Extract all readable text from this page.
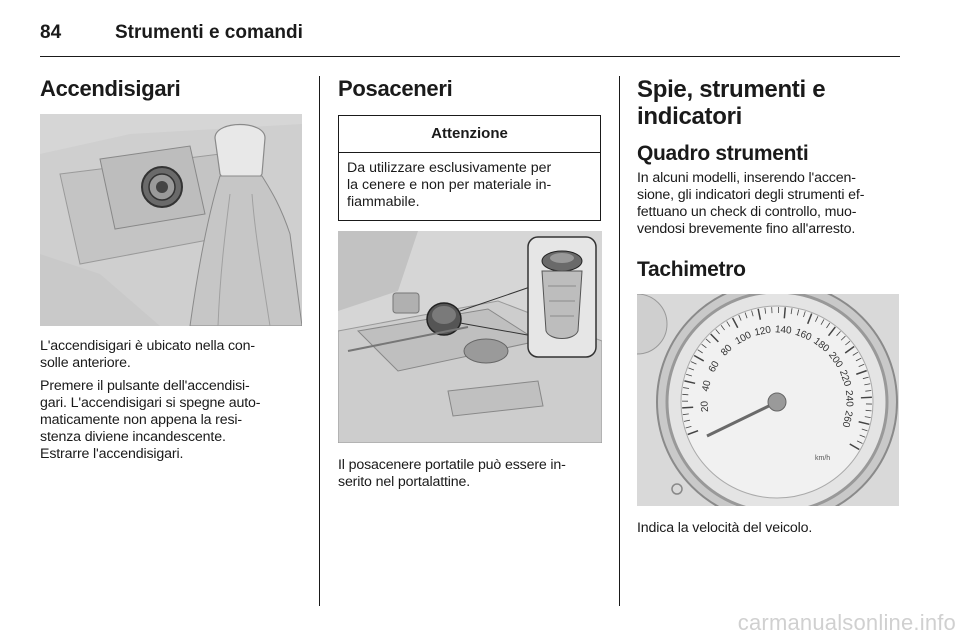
84	Strumenti e comandi
Accendisigari

L'accendisigari è ubicato nella con-
solle anteriore.

Premere il pulsante dell'accendisi-
gari. L'accendisigari si spegne auto-
maticamente non appena la resi-
stenza diviene incandescente.
Estrarre l'accendisigari.

Posaceneri
Attenzione
Da utilizzare esclusivamente per
la cenere e non per materiale in-
fiammabile.

Il posacenere portatile può essere in-
serito nel portalattine.

Spie, strumenti e
indicatori
Quadro strumenti

In alcuni modelli, inserendo l'accen-
sione, gli indicatori degli strumenti ef-
fettuano un check di controllo, muo-
vendosi brevemente fino all'arresto.

Tachimetro
20
40
60
80
100 120 140 160
180
200
220
240
260
km/h

Indica la velocità del veicolo.

carmanualsonline.info
